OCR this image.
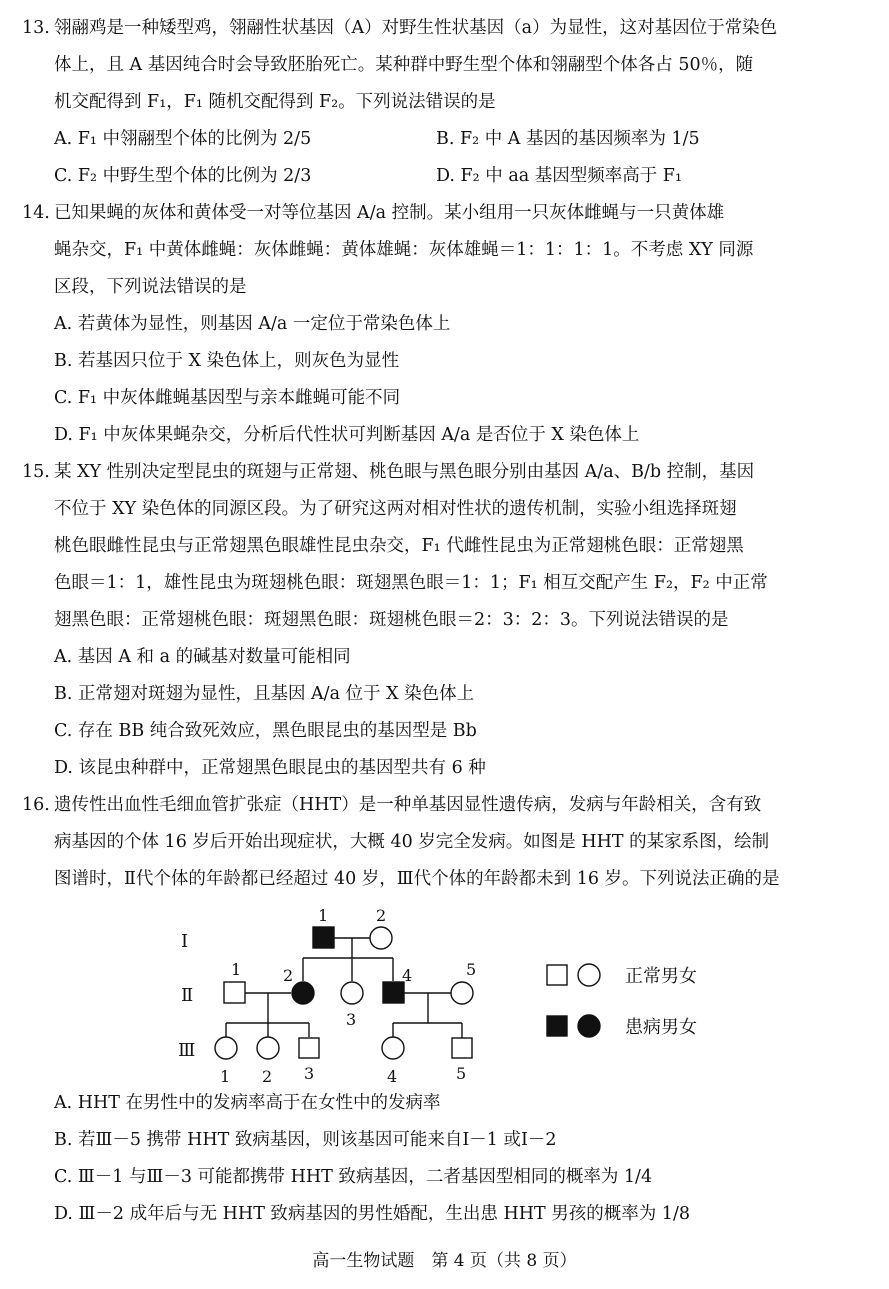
13. 翎翮鸡是一种矮型鸡，翎翮性状基因（A）对野生性状基因（a）为显性，这对基因位于常染色
体上，且 A 基因纯合时会导致胚胎死亡。某种群中野生型个体和翎翮型个体各占 50％，随
机交配得到 F₁，F₁ 随机交配得到 F₂。下列说法错误的是
A. F₁ 中翎翮型个体的比例为 2/5	B. F₂ 中 A 基因的基因频率为 1/5
C. F₂ 中野生型个体的比例为 2/3	D. F₂ 中 aa 基因型频率高于 F₁
14. 已知果蝇的灰体和黄体受一对等位基因 A/a 控制。某小组用一只灰体雌蝇与一只黄体雄
蝇杂交，F₁ 中黄体雌蝇：灰体雌蝇：黄体雄蝇：灰体雄蝇＝1：1：1：1。不考虑 XY 同源
区段，下列说法错误的是
A. 若黄体为显性，则基因 A/a 一定位于常染色体上
B. 若基因只位于 X 染色体上，则灰色为显性
C. F₁ 中灰体雌蝇基因型与亲本雌蝇可能不同
D. F₁ 中灰体果蝇杂交，分析后代性状可判断基因 A/a 是否位于 X 染色体上
15. 某 XY 性别决定型昆虫的斑翅与正常翅、桃色眼与黑色眼分别由基因 A/a、B/b 控制，基因
不位于 XY 染色体的同源区段。为了研究这两对相对性状的遗传机制，实验小组选择斑翅
桃色眼雌性昆虫与正常翅黑色眼雄性昆虫杂交，F₁ 代雌性昆虫为正常翅桃色眼：正常翅黑
色眼＝1：1，雄性昆虫为斑翅桃色眼：斑翅黑色眼＝1：1；F₁ 相互交配产生 F₂，F₂ 中正常
翅黑色眼：正常翅桃色眼：斑翅黑色眼：斑翅桃色眼＝2：3：2：3。下列说法错误的是
A. 基因 A 和 a 的碱基对数量可能相同
B. 正常翅对斑翅为显性，且基因 A/a 位于 X 染色体上
C. 存在 BB 纯合致死效应，黑色眼昆虫的基因型是 Bb
D. 该昆虫种群中，正常翅黑色眼昆虫的基因型共有 6 种
16. 遗传性出血性毛细血管扩张症（HHT）是一种单基因显性遗传病，发病与年龄相关，含有致
病基因的个体 16 岁后开始出现症状，大概 40 岁完全发病。如图是 HHT 的某家系图，绘制
图谱时，Ⅱ代个体的年龄都已经超过 40 岁，Ⅲ代个体的年龄都未到 16 岁。下列说法正确的是
Ⅰ
Ⅱ
Ⅲ
1	2
1	2
3
4	5
1 2 3	4	5
正常男女
患病男女
A. HHT 在男性中的发病率高于在女性中的发病率
B. 若Ⅲ－5 携带 HHT 致病基因，则该基因可能来自Ⅰ－1 或Ⅰ－2
C. Ⅲ－1 与Ⅲ－3 可能都携带 HHT 致病基因，二者基因型相同的概率为 1/4
D. Ⅲ－2 成年后与无 HHT 致病基因的男性婚配，生出患 HHT 男孩的概率为 1/8
高一生物试题　第 4 页（共 8 页）
